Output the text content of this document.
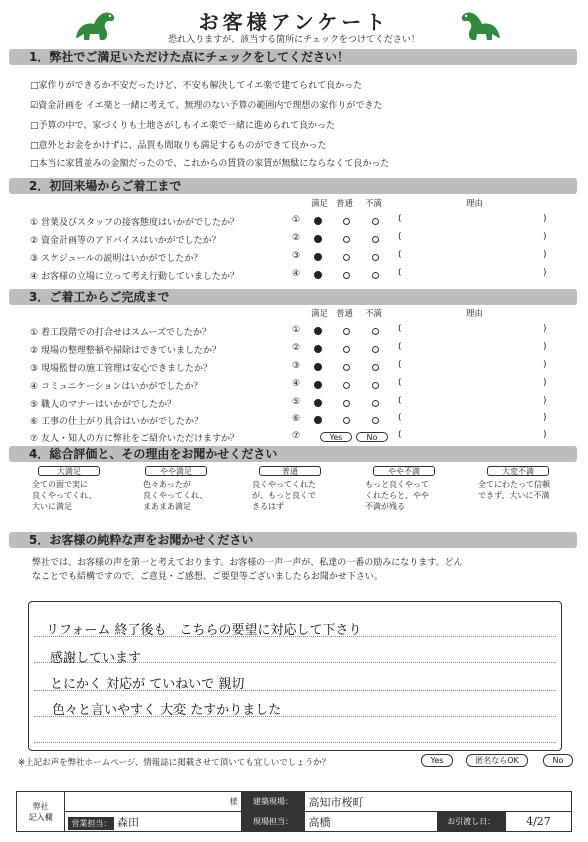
お客様アンケート
恐れ入りますが、該当する箇所にチェックをつけてください！
1．弊社でご満足いただけた点にチェックをしてください！
□家作りができるか不安だったけど、不安も解決してイエ楽で建てられて良かった
☑資金計画を イエ楽と一緒に考えて、無理のない予算の範囲内で理想の家作りができた
□予算の中で、家づくりも土地さがしもイエ楽で一緒に進められて良かった
□意外とお金をかけずに、品質も間取りも満足するものができて良かった
□本当に家賃並みの金額だったので、これからの賃貸の家賃が無駄にならなくて良かった
2．初回来場からご着工まで
満足 普通 不満	理由
① 営業及びスタッフの接客態度はいかがでしたか？	①	(	)
② 資金計画等のアドバイスはいかがでしたか？	②	(	)
③ スケジュールの説明はいかがでしたか？	③	(	)
④ お客様の立場に立って考え行動していましたか？	④	(	)
3．ご着工からご完成まで
満足 普通 不満	理由
① 着工段階での打合せはスムーズでしたか？	①	(	)
② 現場の整理整頓や掃除はできていましたか？	②	(	)
③ 現場監督の施工管理は安心できましたか？	③	(	)
④ コミュニケーションはいかがでしたか？	④	(	)
⑤ 職人のマナーはいかがでしたか？	⑤	(	)
⑥ 工事の仕上がり具合はいかがでしたか？	⑥	(	)
⑦ 友人・知人の方に弊社をご紹介いただけますか？	⑦	Yes	No	(	)
4．総合評価と、その理由をお聞かせください
大満足
全ての面で実に
良くやってくれ、
大いに満足
やや満足
色々あったが
良くやってくれ、
まあまあ満足
普通
良くやってくれた
が、もっと良くで
きるはず
やや不満
もっと良くやって
くれたらと、やや
不満が残る
大変不満
全てにわたって信頼
できず、大いに不満
5．お客様の純粋な声をお聞かせください
弊社では、お客様の声を第一と考えております。お客様の一声一声が、私達の一番の励みになります。どん
なことでも結構ですので、ご意見・ご感想、ご要望等ございましたらお聞かせ下さい。
リフォーム 終了後も　こちらの要望に対応して下さり
感謝しています
とにかく 対応が ていねいで 親切
色々と言いやすく 大変 たすかりました
※上記お声を弊社ホームページ、情報誌に掲載させて頂いても宜しいでしょうか？	Yes	匿名ならOK	No
弊社
記入欄	様	建築現場：	高知市桜町		
	営業担当： 森田	現場担当：	高橋	お引渡し日：	4/27
